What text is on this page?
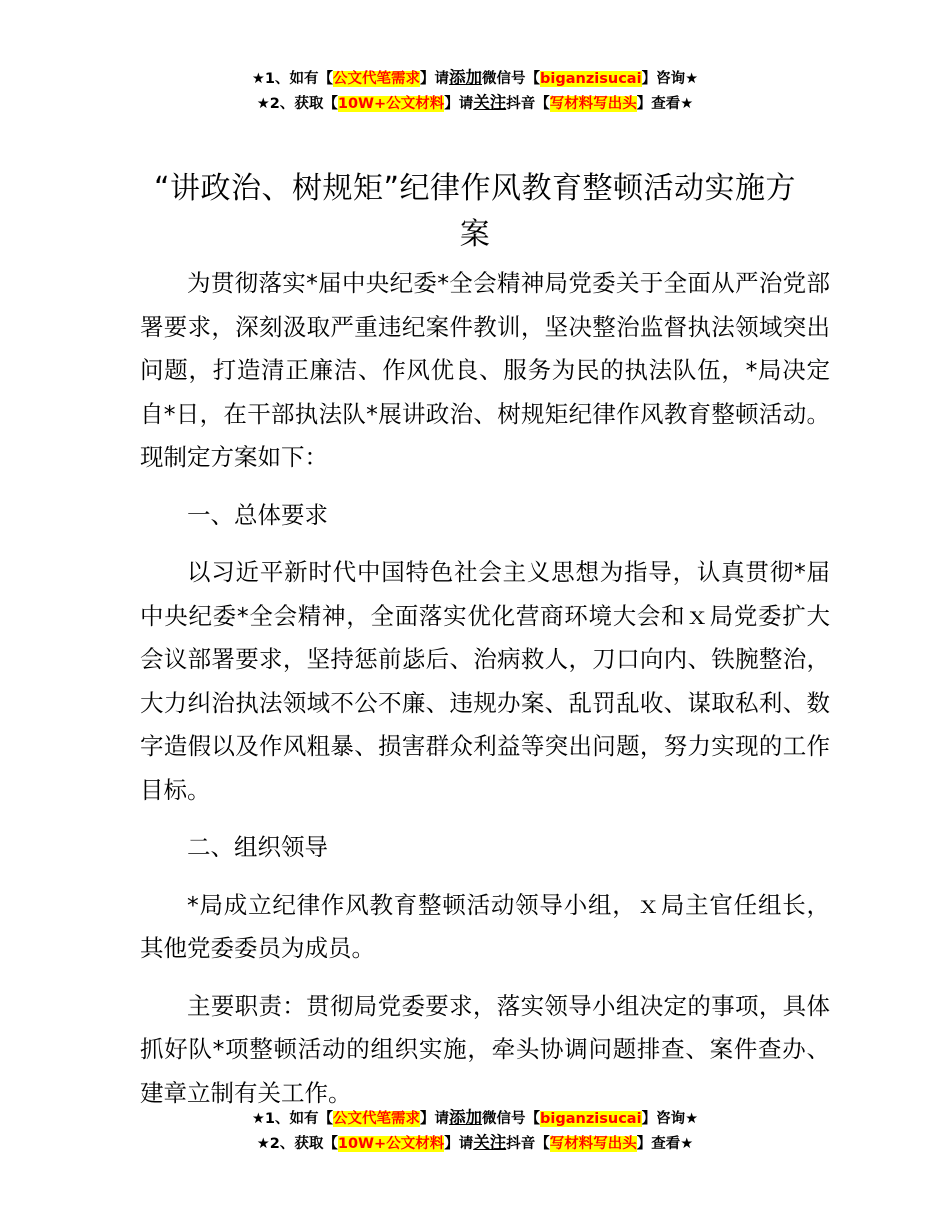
★1、如有【公文代笔需求】请添加微信号【biganzisucai】咨询★
★2、获取【10W+公文材料】请关注抖音【写材料写出头】查看★
“讲政治、树规矩”纪律作风教育整顿活动实施方案

为贯彻落实*届中央纪委*全会精神局党委关于全面从严治党部署要求，深刻汲取严重违纪案件教训，坚决整治监督执法领域突出问题，打造清正廉洁、作风优良、服务为民的执法队伍，*局决定自*日，在干部执法队*展讲政治、树规矩纪律作风教育整顿活动。现制定方案如下：

一、总体要求

以习近平新时代中国特色社会主义思想为指导，认真贯彻*届中央纪委*全会精神，全面落实优化营商环境大会和ｘ局党委扩大会议部署要求，坚持惩前毖后、治病救人，刀口向内、铁腕整治，大力纠治执法领域不公不廉、违规办案、乱罚乱收、谋取私利、数字造假以及作风粗暴、损害群众利益等突出问题，努力实现的工作目标。

二、组织领导

*局成立纪律作风教育整顿活动领导小组，ｘ局主官任组长，其他党委委员为成员。

主要职责：贯彻局党委要求，落实领导小组决定的事项，具体抓好队*项整顿活动的组织实施，牵头协调问题排查、案件查办、建章立制有关工作。

★1、如有【公文代笔需求】请添加微信号【biganzisucai】咨询★
★2、获取【10W+公文材料】请关注抖音【写材料写出头】查看★
